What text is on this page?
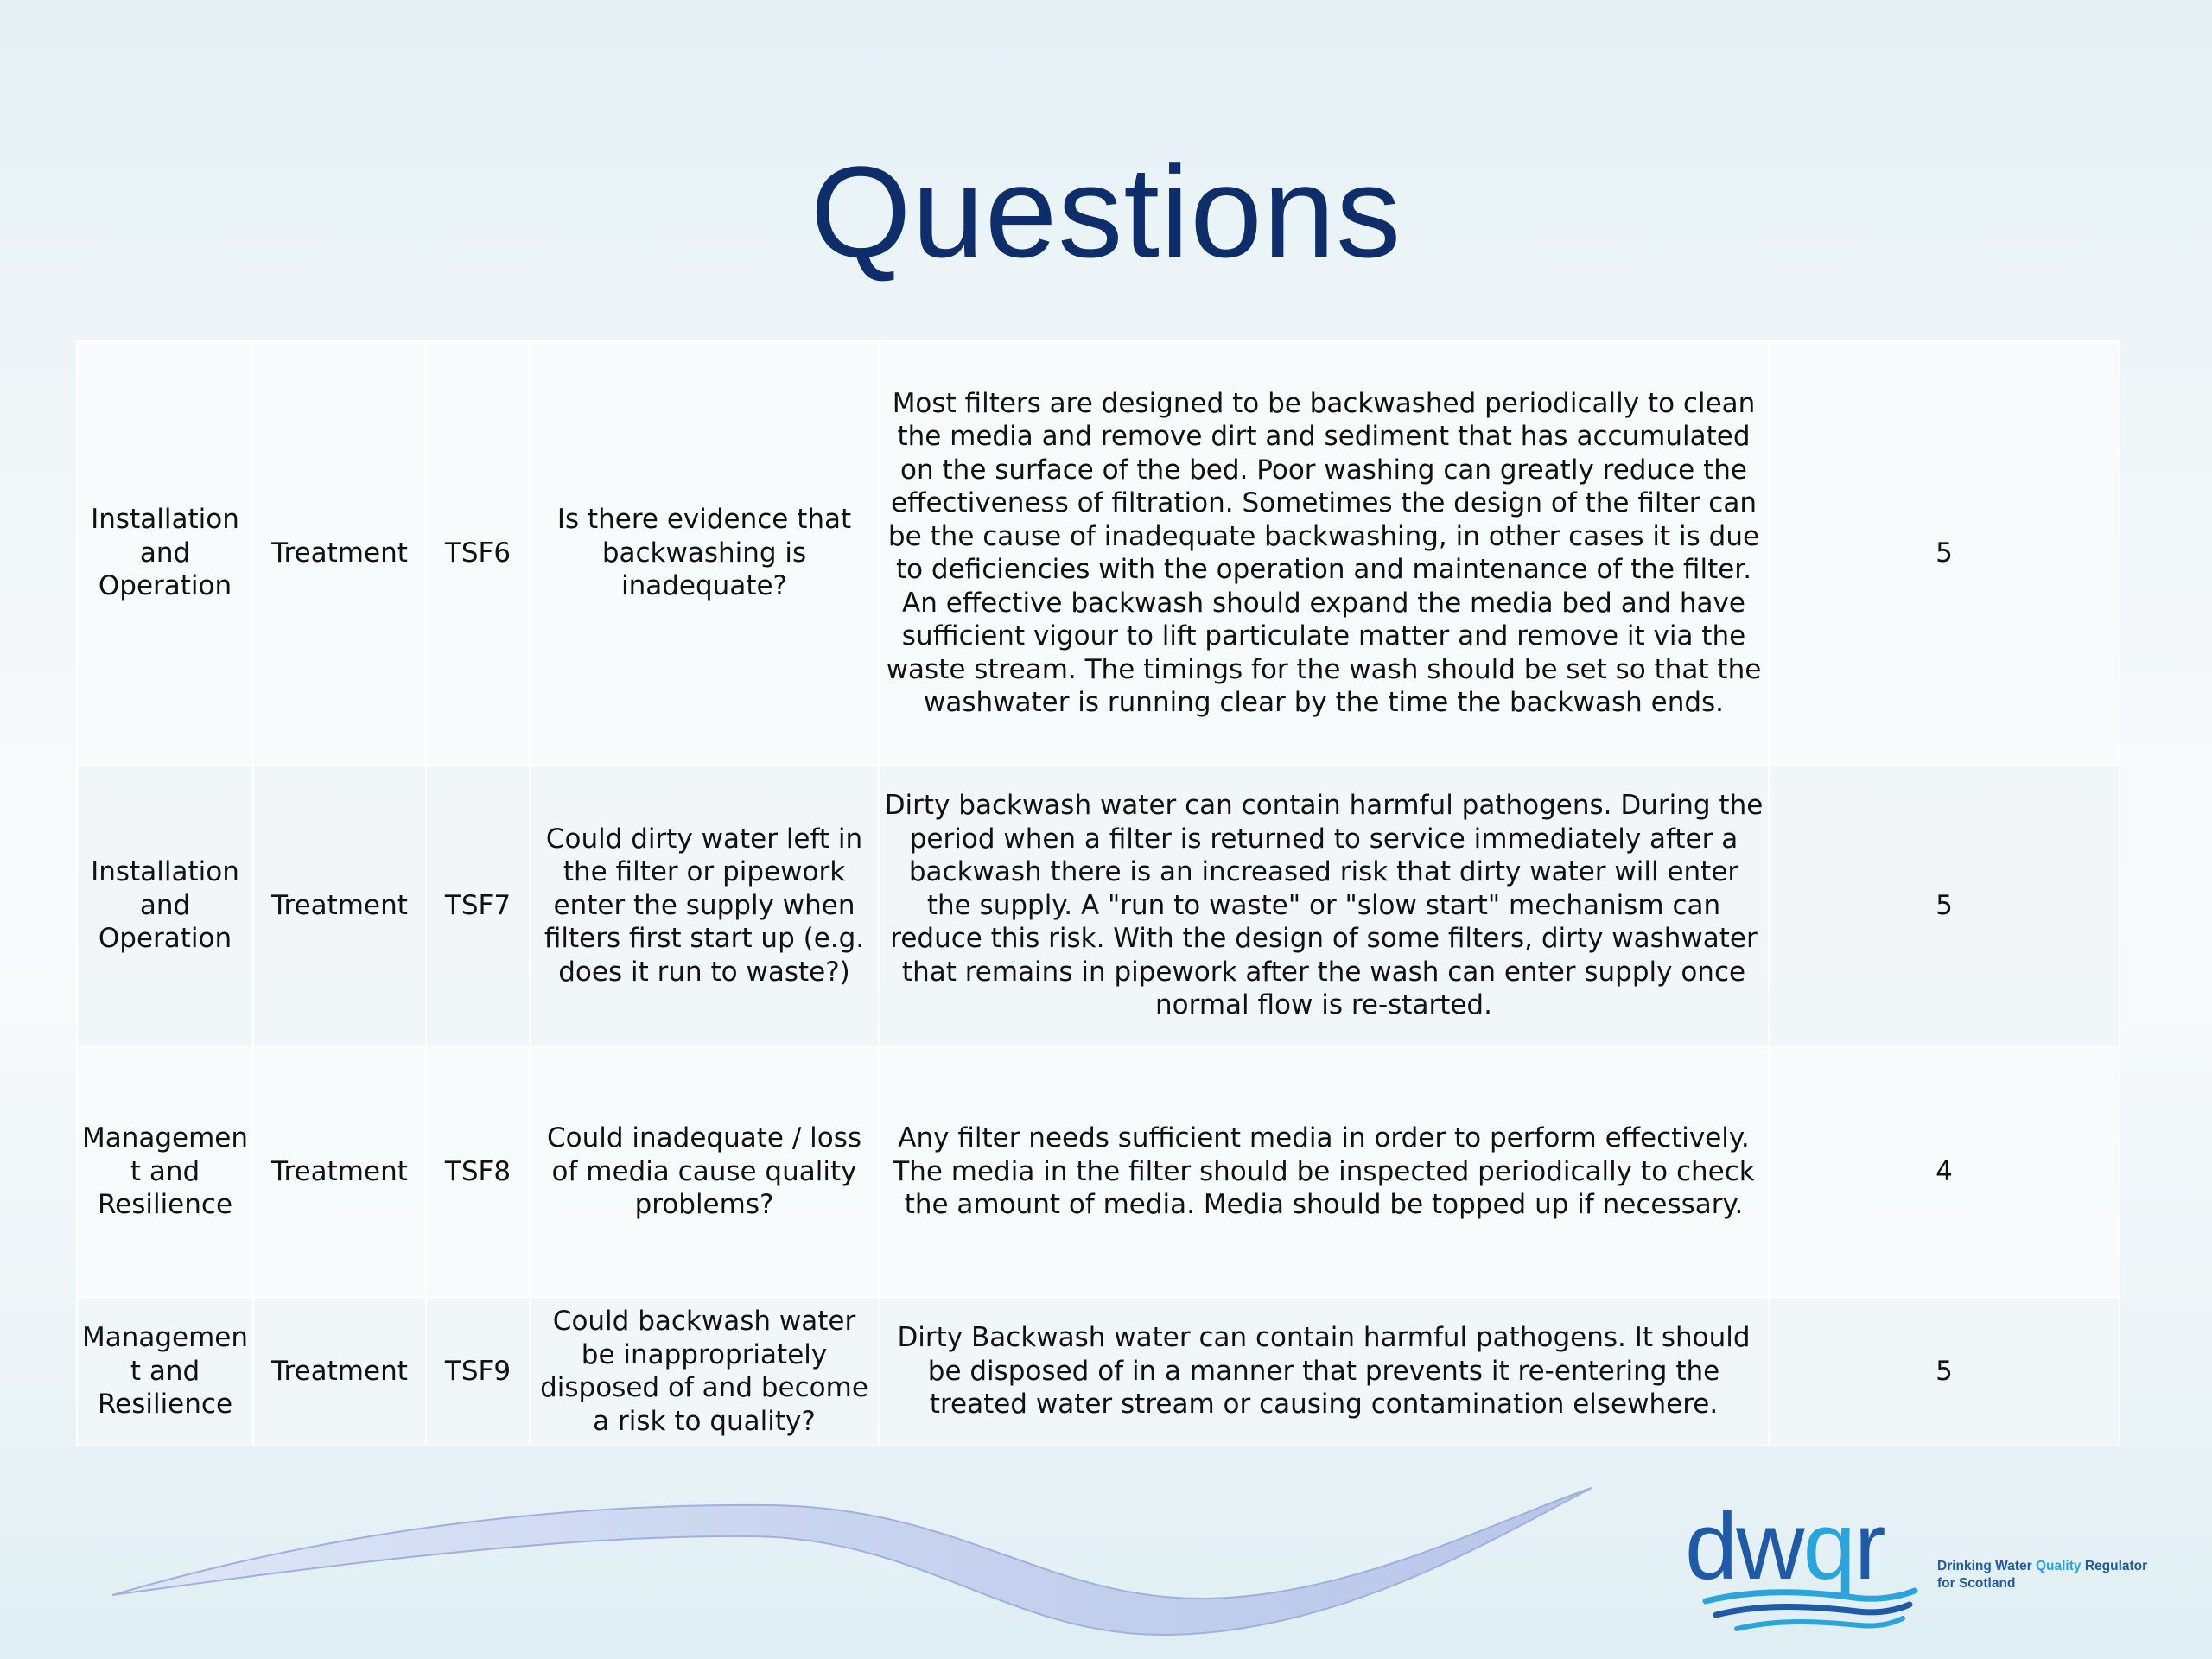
Questions
Installation and Operation	Treatment	TSF6	Is there evidence that backwashing is inadequate?	Most filters are designed to be backwashed periodically to clean the media and remove dirt and sediment that has accumulated on the surface of the bed. Poor washing can greatly reduce the effectiveness of filtration. Sometimes the design of the filter can be the cause of inadequate backwashing, in other cases it is due to deficiencies with the operation and maintenance of the filter. An effective backwash should expand the media bed and have sufficient vigour to lift particulate matter and remove it via the waste stream. The timings for the wash should be set so that the washwater is running clear by the time the backwash ends.	5
Installation and Operation	Treatment	TSF7	Could dirty water left in the filter or pipework enter the supply when filters first start up (e.g. does it run to waste?)	Dirty backwash water can contain harmful pathogens. During the period when a filter is returned to service immediately after a backwash there is an increased risk that dirty water will enter the supply. A "run to waste" or "slow start" mechanism can reduce this risk. With the design of some filters, dirty washwater that remains in pipework after the wash can enter supply once normal flow is re-started.	5
Management and Resilience	Treatment	TSF8	Could inadequate / loss of media cause quality problems?	Any filter needs sufficient media in order to perform effectively. The media in the filter should be inspected periodically to check the amount of media. Media should be topped up if necessary.	4
Management and Resilience	Treatment	TSF9	Could backwash water be inappropriately disposed of and become a risk to quality?	Dirty Backwash water can contain harmful pathogens. It should be disposed of in a manner that prevents it re-entering the treated water stream or causing contamination elsewhere.	5
dwqr	Drinking Water Quality Regulator
for Scotland
